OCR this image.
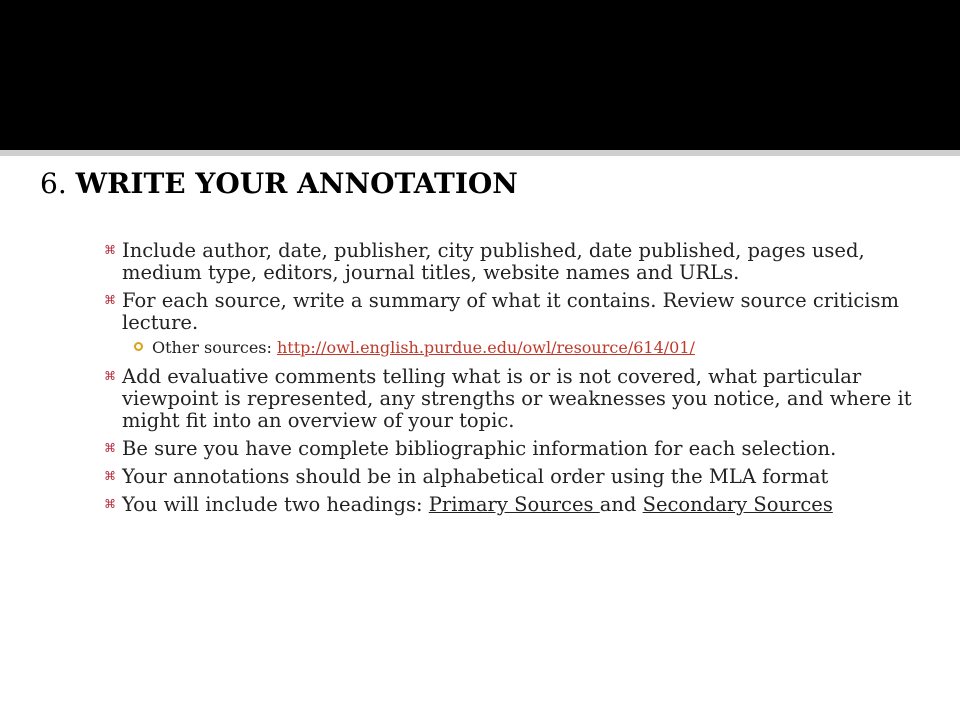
6. WRITE YOUR ANNOTATION
⌘ Include author, date, publisher, city published, date published, pages used, medium type, editors, journal titles, website names and URLs.
⌘ For each source, write a summary of what it contains. Review source criticism lecture.
Other sources: http://owl.english.purdue.edu/owl/resource/614/01/
⌘ Add evaluative comments telling what is or is not covered, what particular viewpoint is represented, any strengths or weaknesses you notice, and where it might fit into an overview of your topic.
⌘ Be sure you have complete bibliographic information for each selection.
⌘ Your annotations should be in alphabetical order using the MLA format
⌘ You will include two headings: Primary Sources and Secondary Sources
